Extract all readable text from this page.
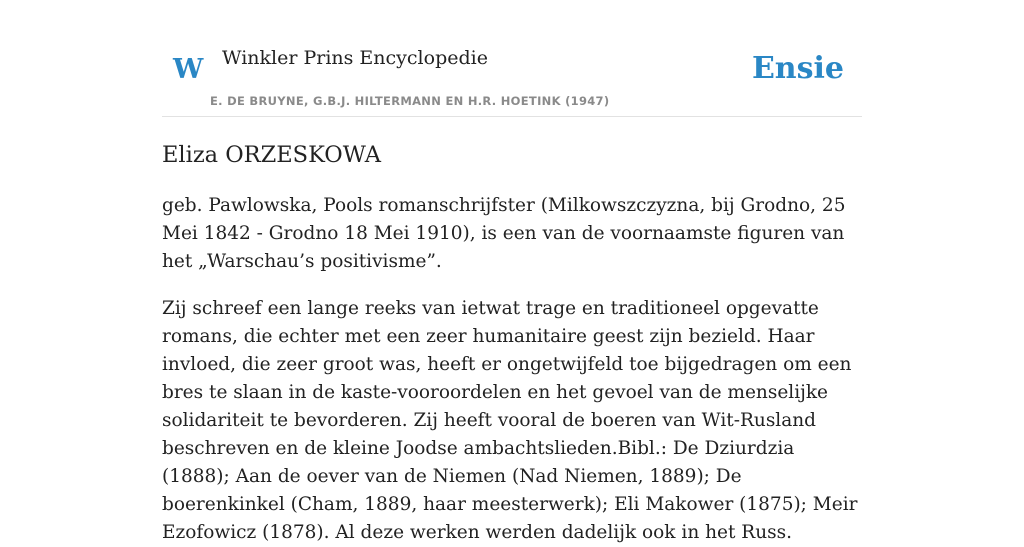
W Winkler Prins Encyclopedie
E. DE BRUYNE, G.B.J. HILTERMANN EN H.R. HOETINK (1947)
Ensie
Eliza ORZESKOWA

geb. Pawlowska, Pools romanschrijfster (Milkowszczyzna, bij Grodno, 25 Mei 1842 - Grodno 18 Mei 1910), is een van de voornaamste figuren van het „Warschau’s positivisme”.

Zij schreef een lange reeks van ietwat trage en traditioneel opgevatte romans, die echter met een zeer humanitaire geest zijn bezield. Haar invloed, die zeer groot was, heeft er ongetwijfeld toe bijgedragen om een bres te slaan in de kaste-vooroordelen en het gevoel van de menselijke solidariteit te bevorderen. Zij heeft vooral de boeren van Wit-Rusland beschreven en de kleine Joodse ambachtslieden.Bibl.: De Dziurdzia (1888); Aan de oever van de Niemen (Nad Niemen, 1889); De boerenkinkel (Cham, 1889, haar meesterwerk); Eli Makower (1875); Meir Ezofowicz (1878). Al deze werken werden dadelijk ook in het Russ.
